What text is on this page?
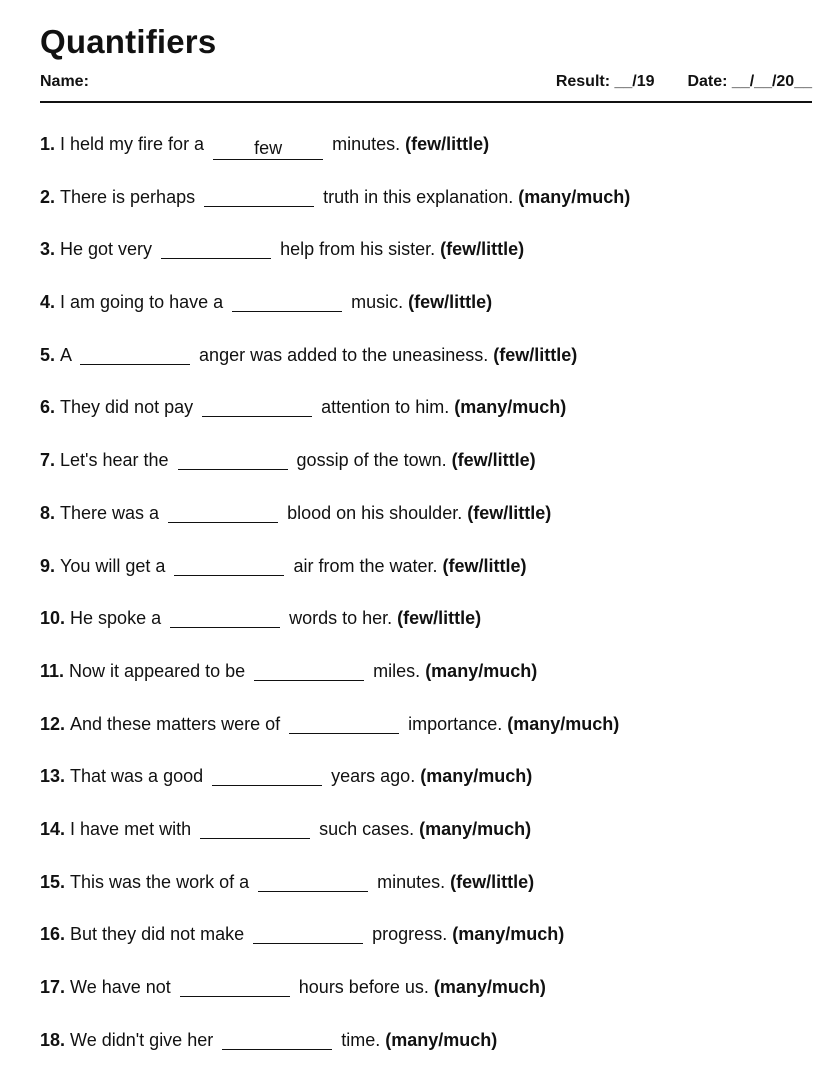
Quantifiers
Name:	Result: __/19 Date: __/__/20__
1. I held my fire for a few	minutes. (few/little)
2. There is perhaps	truth in this explanation. (many/much)
3. He got very	help from his sister. (few/little)
4. I am going to have a	music. (few/little)
5. A	anger was added to the uneasiness. (few/little)
6. They did not pay	attention to him. (many/much)
7. Let's hear the	gossip of the town. (few/little)
8. There was a	blood on his shoulder. (few/little)
9. You will get a	air from the water. (few/little)
10. He spoke a	words to her. (few/little)
11. Now it appeared to be	miles. (many/much)
12. And these matters were of	importance. (many/much)
13. That was a good	years ago. (many/much)
14. I have met with	such cases. (many/much)
15. This was the work of a	minutes. (few/little)
16. But they did not make	progress. (many/much)
17. We have not	hours before us. (many/much)
18. We didn't give her	time. (many/much)
